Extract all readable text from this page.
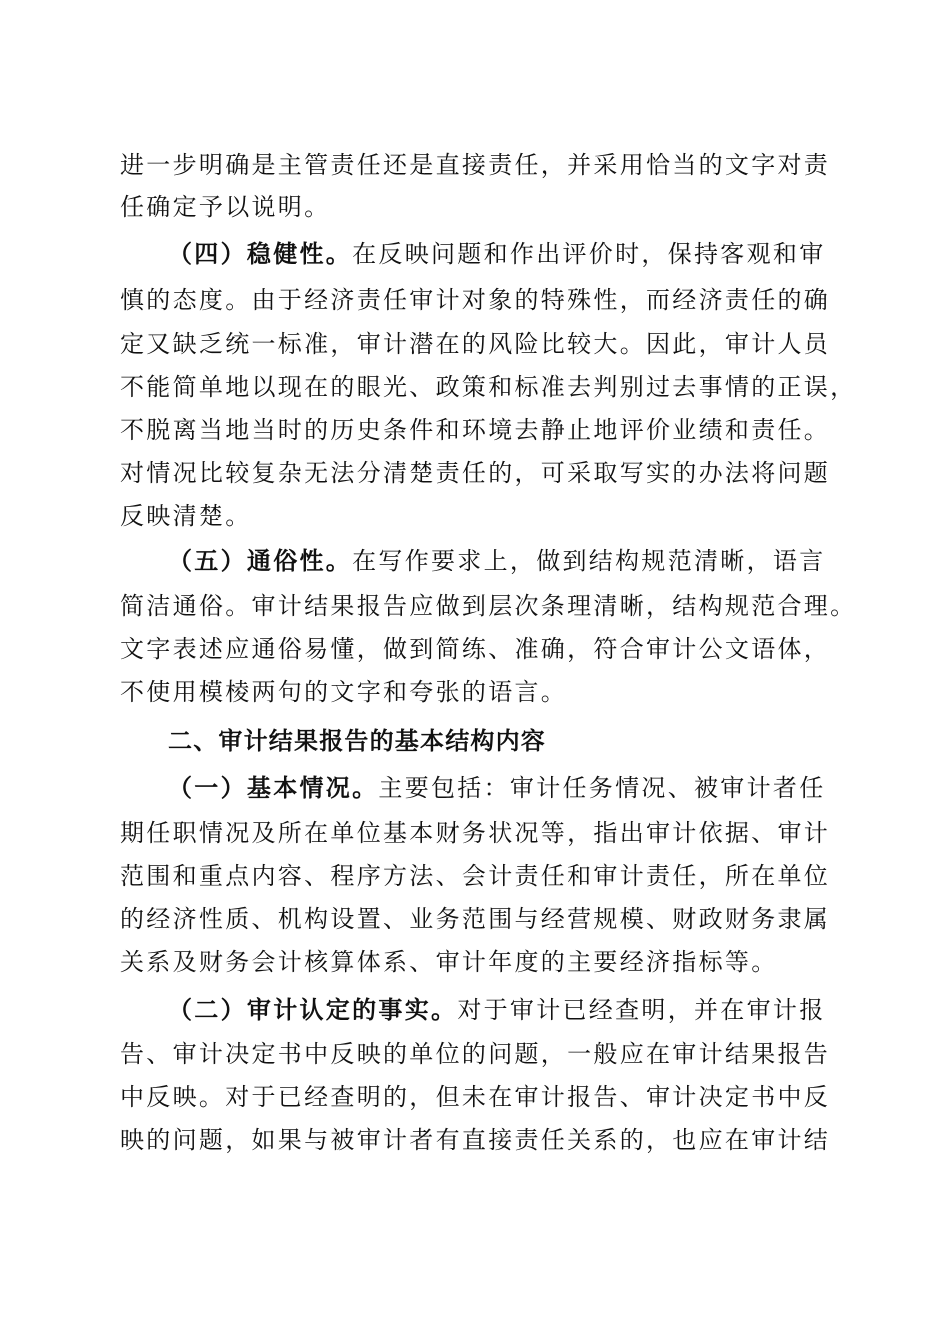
进一步明确是主管责任还是直接责任，并采用恰当的文字对责
任确定予以说明。
（四）稳健性。在反映问题和作出评价时，保持客观和审
慎的态度。由于经济责任审计对象的特殊性，而经济责任的确
定又缺乏统一标准，审计潜在的风险比较大。因此，审计人员
不能简单地以现在的眼光、政策和标准去判别过去事情的正误，
不脱离当地当时的历史条件和环境去静止地评价业绩和责任。
对情况比较复杂无法分清楚责任的，可采取写实的办法将问题
反映清楚。
（五）通俗性。在写作要求上，做到结构规范清晰，语言
简洁通俗。审计结果报告应做到层次条理清晰，结构规范合理。
文字表述应通俗易懂，做到简练、准确，符合审计公文语体，
不使用模棱两句的文字和夸张的语言。
二、审计结果报告的基本结构内容
（一）基本情况。主要包括：审计任务情况、被审计者任
期任职情况及所在单位基本财务状况等，指出审计依据、审计
范围和重点内容、程序方法、会计责任和审计责任，所在单位
的经济性质、机构设置、业务范围与经营规模、财政财务隶属
关系及财务会计核算体系、审计年度的主要经济指标等。
（二）审计认定的事实。对于审计已经查明，并在审计报
告、审计决定书中反映的单位的问题，一般应在审计结果报告
中反映。对于已经查明的，但未在审计报告、审计决定书中反
映的问题，如果与被审计者有直接责任关系的，也应在审计结
